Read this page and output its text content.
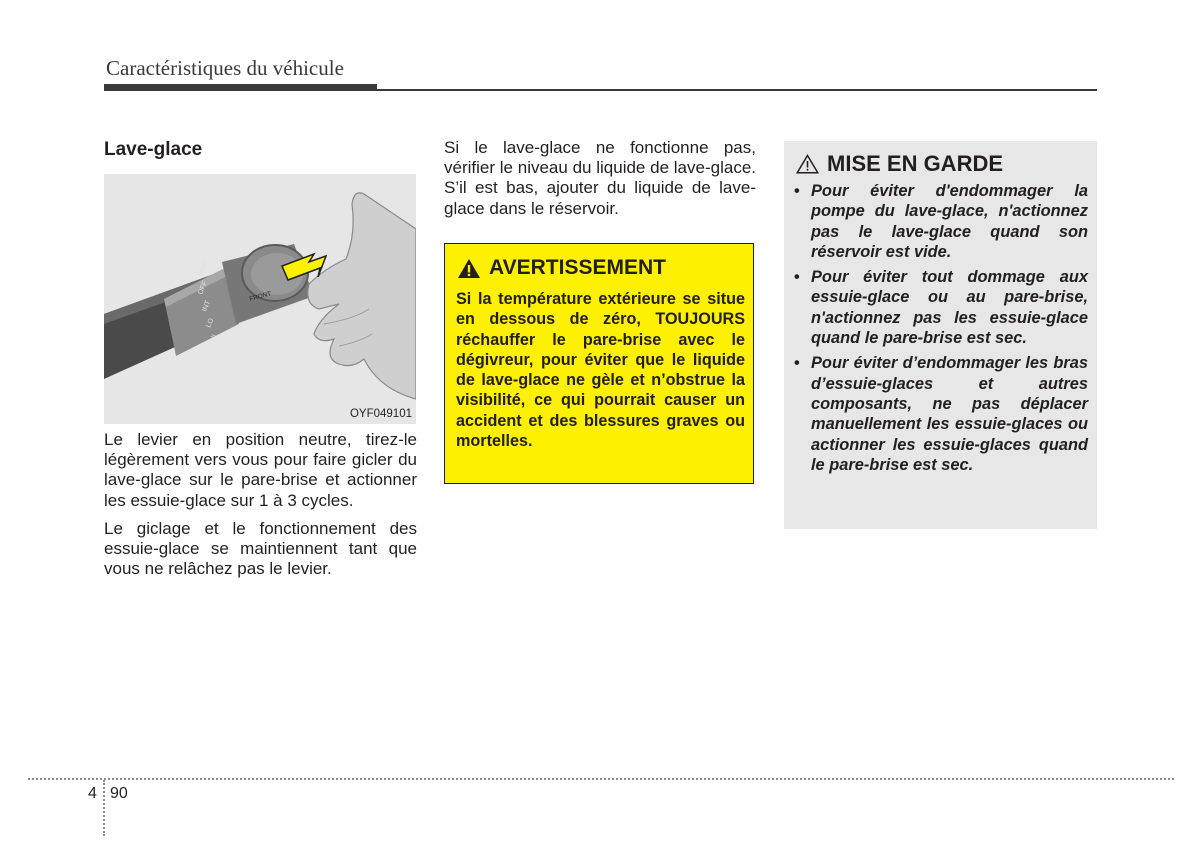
Caractéristiques du véhicule
Lave-glace
MIST
OFF
INT
LO
HI
FRONT
OYF049101

Le levier en position neutre, tirez-le légèrement vers vous pour faire gicler du lave-glace sur le pare-brise et actionner les essuie-glace sur 1 à 3 cycles.

Le giclage et le fonctionnement des essuie-glace se maintiennent tant que vous ne relâchez pas le levier.

Si le lave-glace ne fonctionne pas, vérifier le niveau du liquide de lave-glace. S’il est bas, ajouter du liquide de lave-glace dans le réservoir.

AVERTISSEMENT
Si la température extérieure se situe en dessous de zéro, TOUJOURS réchauffer le pare-brise avec le dégivreur, pour éviter que le liquide de lave-glace ne gèle et n’obstrue la visibilité, ce qui pourrait causer un accident et des blessures graves ou mortelles.
MISE EN GARDE
• Pour éviter d'endommager la pompe du lave-glace, n'actionnez pas le lave-glace quand son réservoir est vide.
• Pour éviter tout dommage aux essuie-glace ou au pare-brise, n'actionnez pas les essuie-glace quand le pare-brise est sec.
• Pour éviter d’endommager les bras d’essuie-glaces et autres composants, ne pas déplacer manuellement les essuie-glaces ou actionner les essuie-glaces quand le pare-brise est sec.
4 90
